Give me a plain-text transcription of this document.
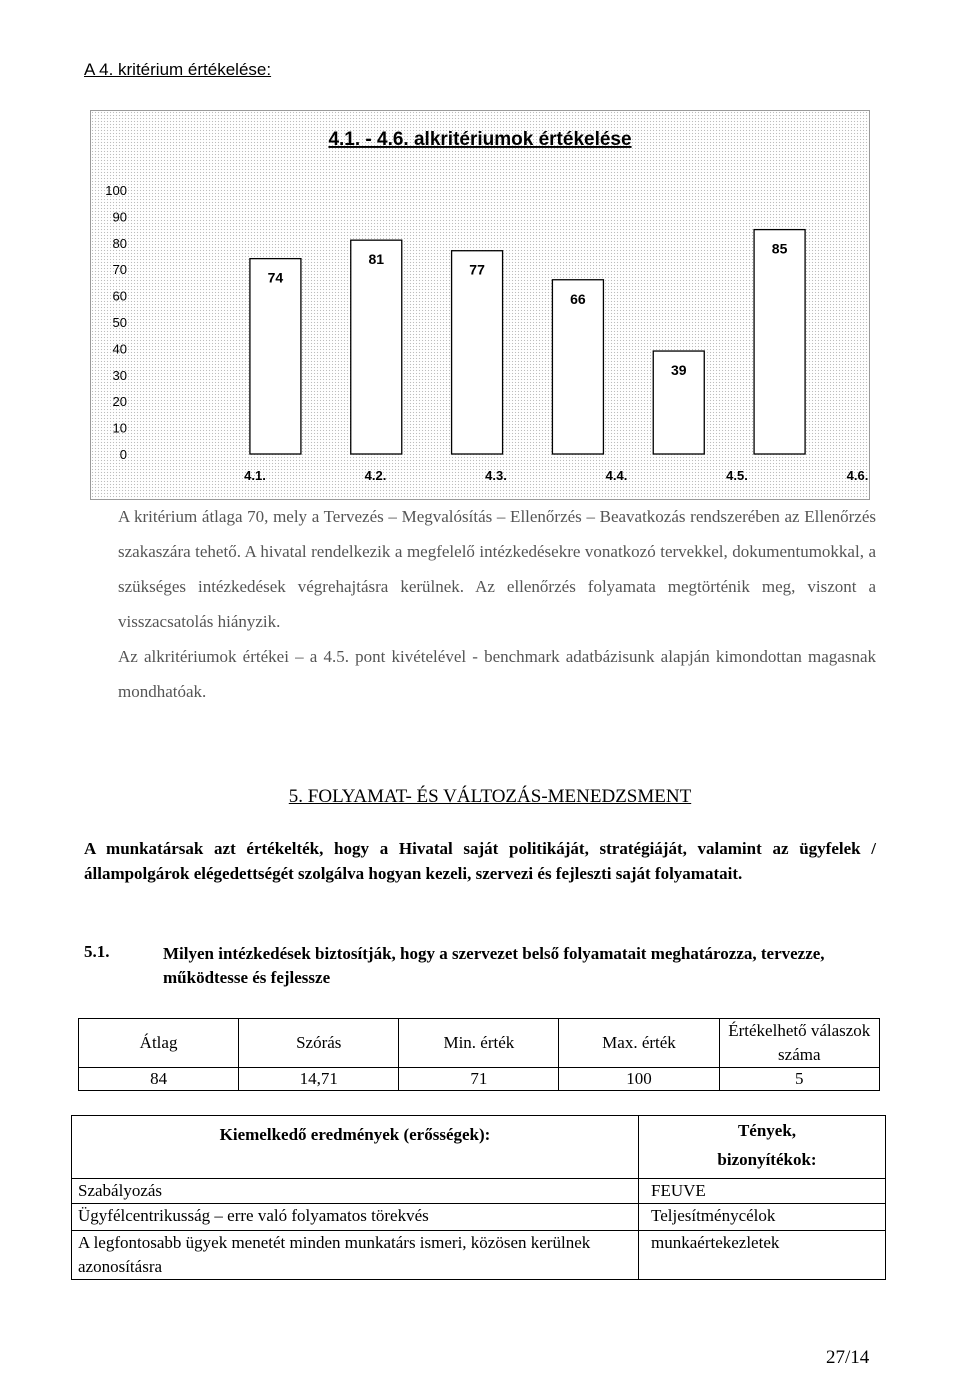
A 4. kritérium értékelése:
4.1. - 4.6. alkritériumok értékelése
0
10
20
30
40
50
60
70
80
90
100
74
4.1.
81
4.2.
77
4.3.
66
4.4.
39
4.5.
85
4.6.

A kritérium átlaga 70, mely a Tervezés – Megvalósítás – Ellenőrzés – Beavatkozás rendszerében az Ellenőrzés szakaszára tehető. A hivatal rendelkezik a megfelelő intézkedésekre vonatkozó tervekkel, dokumentumokkal, a szükséges intézkedések végrehajtásra kerülnek. Az ellenőrzés folyamata megtörténik meg, viszont a visszacsatolás hiányzik.

Az alkritériumok értékei – a 4.5. pont kivételével - benchmark adatbázisunk alapján kimondottan magasnak mondhatóak.

5. FOLYAMAT- ÉS VÁLTOZÁS-MENEDZSMENT
A munkatársak azt értékelték, hogy a Hivatal saját politikáját, stratégiáját, valamint az ügyfelek / állampolgárok elégedettségét szolgálva hogyan kezeli, szervezi és fejleszti saját folyamatait.
5.1.	Milyen intézkedések biztosítják, hogy a szervezet belső folyamatait meghatározza, tervezze, működtesse és fejlessze
Átlag	Szórás	Min. érték	Max. érték	Értékelhető válaszok száma
84	14,71	71	100	5
Kiemelkedő eredmények (erősségek):	Tények, bizonyítékok:
Szabályozás	FEUVE
Ügyfélcentrikusság – erre való folyamatos törekvés	Teljesítménycélok
A legfontosabb ügyek menetét minden munkatárs ismeri, közösen kerülnek azonosításra	munkaértekezletek
27/14
